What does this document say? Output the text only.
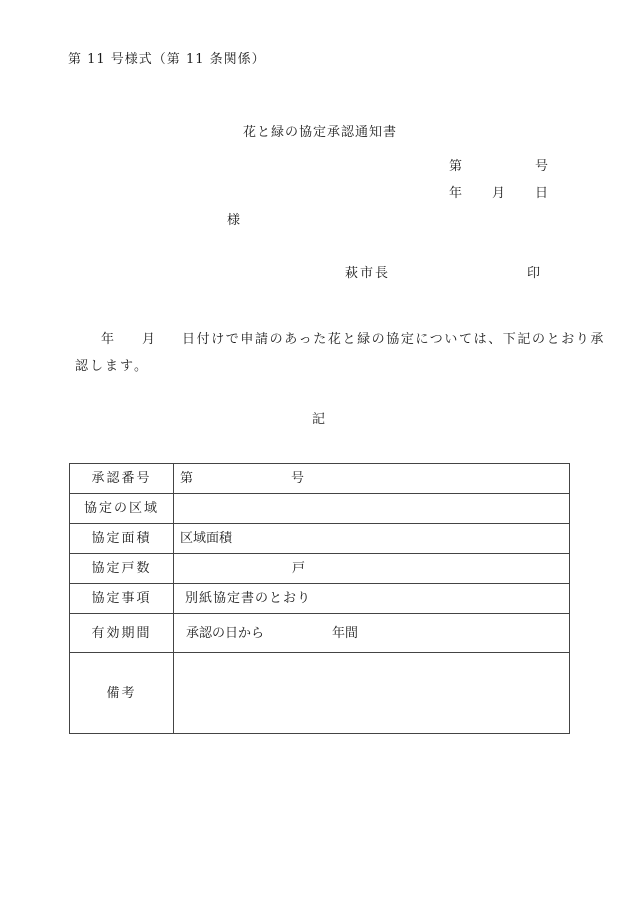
第 11 号様式（第 11 条関係）
花と緑の協定承認通知書
第	号
年 月 日
様
萩市長	印
年 月 日付けで申請のあった花と緑の協定については、下記のとおり承
認します。
記
承認番号	第 号
協定の区域	
協定面積	区域面積
協定戸数	戸
協定事項	別紙協定書のとおり
有効期間	承認の日から 年間
備考	
